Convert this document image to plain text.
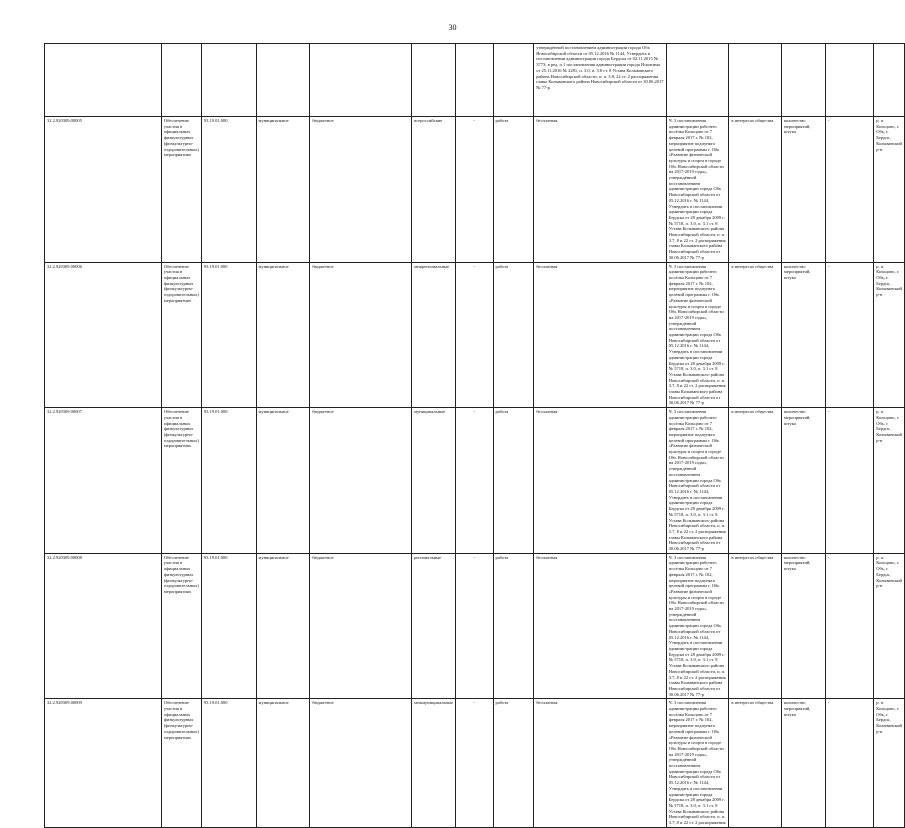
30
								утверждённой постановлением администрации города Обь Новосибирской области от 05.12.2016 № 1144, Утвердить в постановлении администрации города Бердска от 02.11.2015 № 3773; в ред. п.1 постановления администрации города Искитима от 25.11.2016 № 2281, п. 3.0, п. 3.8 ст. 8 Устава Колыванского района Новосибирской области, п. п. 3.8, 22 ст. 2 распоряжения главы Колыванского района Новосибирской области от 30.06.2017 № 77-р					
32.2.920309.00005	Обеспечение участия в официальных физкультурных (физкультурно-оздоровительных) мероприятиях	93.19.01.000	муниципальное	бюджетное	всероссийские	-	работа	бесплатная	Ч. 3 постановления администрации рабочего посёлка Кольцово от 7 февраля 2017 г. № 102, мероприятие подпункта целевой программы г. Обь «Развитие физической культуры и спорта в городе Обь Новосибирской области на 2017-2019 годы», утверждённой постановлением администрации города Обь Новосибирской области от 05.12.2016 г. № 1144, Утвердить в постановлении администрации города Бердска от 28 декабря 2009 г. № 5718, п. 3.0, п. 3.1 ст. 8 Устава Колыванского района Новосибирской области, п. п. 3.7, 8 и 22 ст. 2 распоряжения главы Колыванского района Новосибирской области от 30.06.2017 № 77-р	в интересах общества	количество мероприятий, штука	-	р. п. Кольцово, г. Обь, г. Бердск, Колыванский р-н
32.2.920309.00006	Обеспечение участия в официальных физкультурных (физкультурно-оздоровительных) мероприятиях	93.19.01.000	муниципальное	бюджетное	межрегиональные	-	работа	бесплатная	Ч. 3 постановления администрации рабочего посёлка Кольцово от 7 февраля 2017 г. № 102, мероприятие подпункта целевой программы г. Обь «Развитие физической культуры и спорта в городе Обь Новосибирской области на 2017-2019 годы», утверждённой постановлением администрации города Обь Новосибирской области от 05.12.2016 г. № 1144, Утвердить в постановлении администрации города Бердска от 28 декабря 2009 г. № 5718, п. 3.0, п. 3.1 ст. 8 Устава Колыванского района Новосибирской области, п. п. 3.7, 8 и 22 ст. 2 распоряжения главы Колыванского района Новосибирской области от 30.06.2017 № 77-р	в интересах общества	количество мероприятий, штука	-	р. п. Кольцово, г. Обь, г. Бердск, Колыванский р-н
32.2.920309.00007	Обеспечение участия в официальных физкультурных (физкультурно-оздоровительных) мероприятиях	93.19.01.000	муниципальное	бюджетное	муниципальные	-	работа	бесплатная	Ч. 3 постановления администрации рабочего посёлка Кольцово от 7 февраля 2017 г. № 102, мероприятие подпункта целевой программы г. Обь «Развитие физической культуры и спорта в городе Обь Новосибирской области на 2017-2019 годы», утверждённой постановлением администрации города Обь Новосибирской области от 05.12.2016 г. № 1144, Утвердить в постановлении администрации города Бердска от 28 декабря 2009 г. № 5718, п. 3.0, п. 3.1 ст. 8 Устава Колыванского района Новосибирской области, п. п. 3.7, 8 и 22 ст. 2 распоряжения главы Колыванского района Новосибирской области от 30.06.2017 № 77-р	в интересах общества	количество мероприятий, штука	-	р. п. Кольцово, г. Обь, г. Бердск, Колыванский р-н
32.2.920309.00008	Обеспечение участия в официальных физкультурных (физкультурно-оздоровительных) мероприятиях	93.19.01.000	муниципальное	бюджетное	региональные	-	работа	бесплатная	Ч. 3 постановления администрации рабочего посёлка Кольцово от 7 февраля 2017 г. № 102, мероприятие подпункта целевой программы г. Обь «Развитие физической культуры и спорта в городе Обь Новосибирской области на 2017-2019 годы», утверждённой постановлением администрации города Обь Новосибирской области от 05.12.2016 г. № 1144, Утвердить в постановлении администрации города Бердска от 28 декабря 2009 г. № 5718, п. 3.0, п. 3.1 ст. 8 Устава Колыванского района Новосибирской области, п. п. 3.7, 8 и 22 ст. 2 распоряжения главы Колыванского района Новосибирской области от 30.06.2017 № 77-р	в интересах общества	количество мероприятий, штука	-	р. п. Кольцово, г. Обь, г. Бердск, Колыванский р-н
32.2.920309.00009	Обеспечение участия в официальных физкультурных (физкультурно-оздоровительных) мероприятиях	93.19.01.000	муниципальное	бюджетное	межмуниципальные	-	работа	бесплатная	Ч. 3 постановления администрации рабочего посёлка Кольцово от 7 февраля 2017 г. № 102, мероприятие подпункта целевой программы г. Обь «Развитие физической культуры и спорта в городе Обь Новосибирской области на 2017-2019 годы», утверждённой постановлением администрации города Обь Новосибирской области от 05.12.2016 г. № 1144, Утвердить в постановлении администрации города Бердска от 28 декабря 2009 г. № 5718, п. 3.0, п. 3.1 ст. 8 Устава Колыванского района Новосибирской области, п. п. 3.7, 8 и 22 ст. 2 распоряжения	в интересах общества	количество мероприятий, штука	-	р. п. Кольцово, г. Обь, г. Бердск, Колыванский р-н
